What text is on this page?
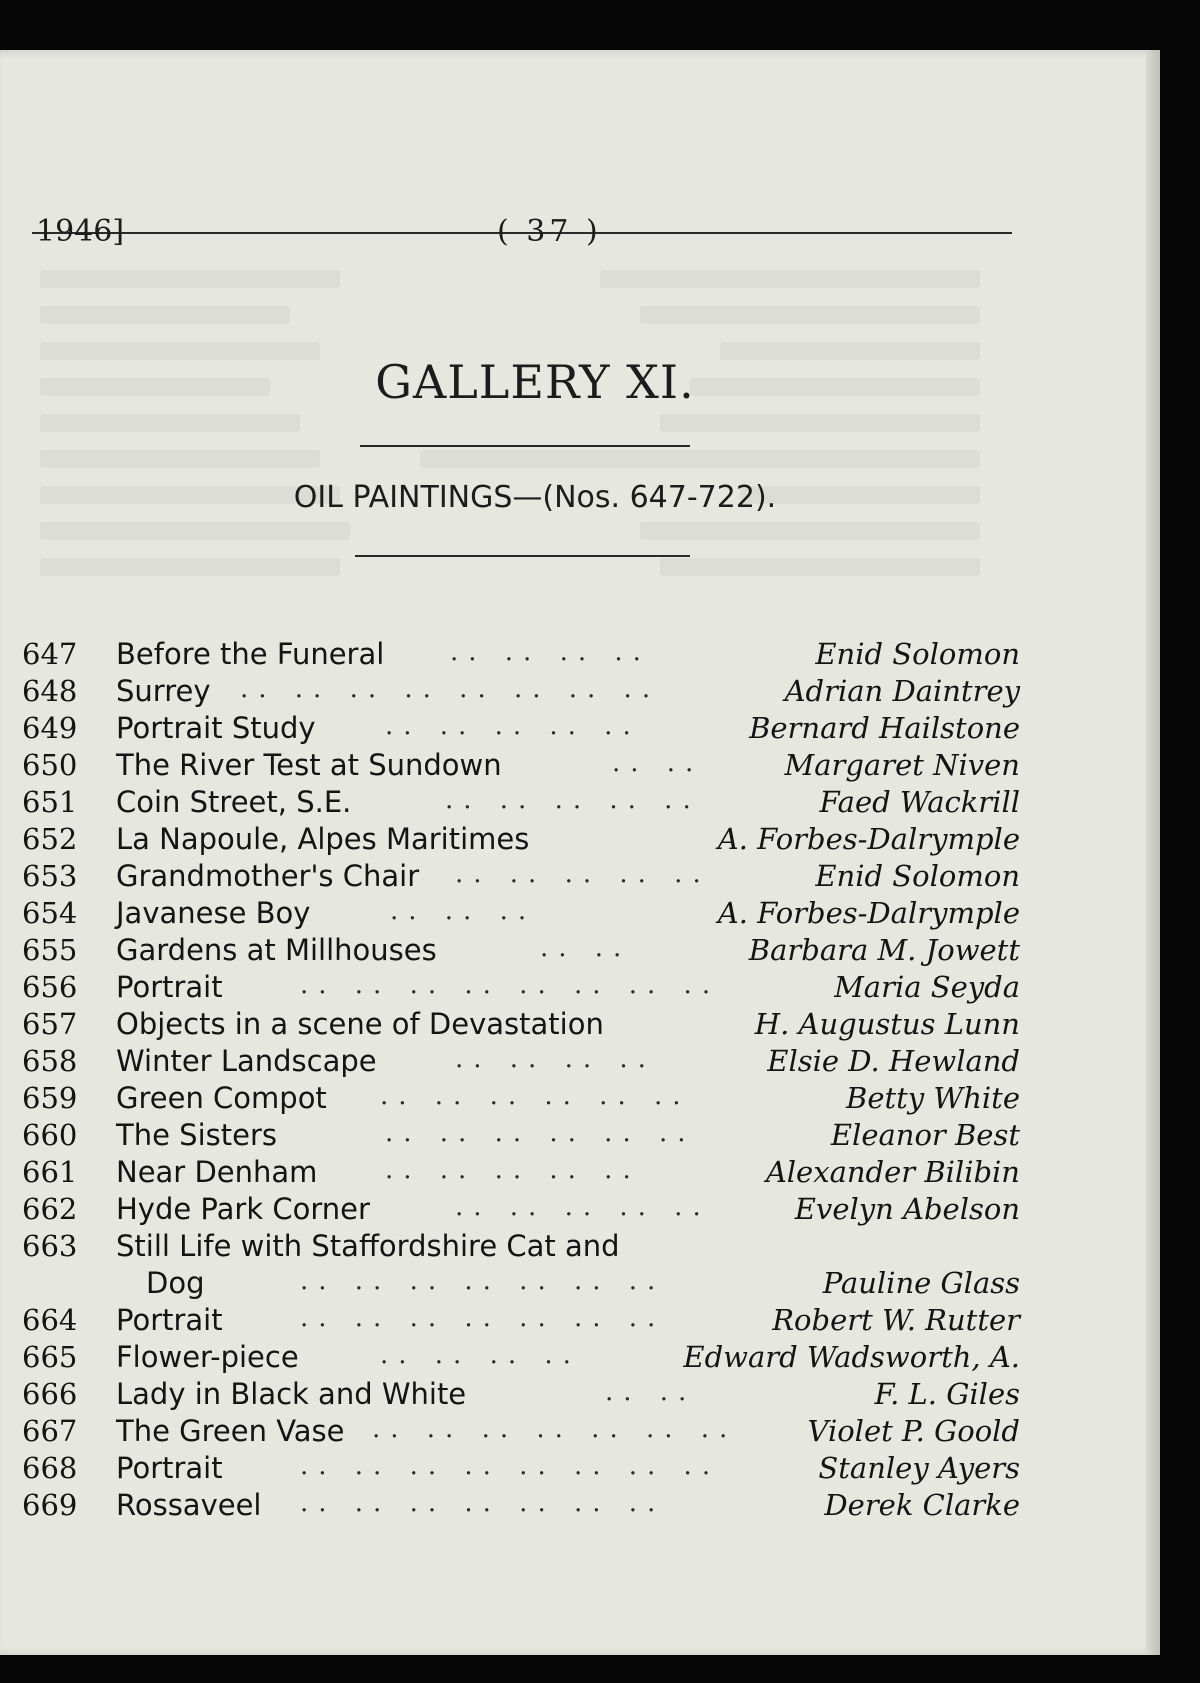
1946]	( 37 )
GALLERY XI.
OIL PAINTINGS—(Nos. 647-722).
647	Before the Funeral	.. .. .. ..	Enid Solomon
648	Surrey .. .. .. .. .. .. .. ..	Adrian Daintrey
649	Portrait Study	.. .. .. .. ..	Bernard Hailstone
650	The River Test at Sundown	.. ..	Margaret Niven
651	Coin Street, S.E.	.. .. .. .. ..	Faed Wackrill
652	La Napoule, Alpes Maritimes	A. Forbes-Dalrymple
653	Grandmother's Chair .. .. .. .. ..	Enid Solomon
654	Javanese Boy	.. .. ..	A. Forbes-Dalrymple
655	Gardens at Millhouses	.. ..	Barbara M. Jowett
656	Portrait	.. .. .. .. .. .. .. ..	Maria Seyda
657	Objects in a scene of Devastation	H. Augustus Lunn
658	Winter Landscape	.. .. .. ..	Elsie D. Hewland
659	Green Compot .. .. .. .. .. ..	Betty White
660	The Sisters	.. .. .. .. .. ..	Eleanor Best
661	Near Denham	.. .. .. .. ..	Alexander Bilibin
662	Hyde Park Corner	.. .. .. .. ..	Evelyn Abelson
663	Still Life with Staffordshire Cat and
Dog	.. .. .. .. .. .. ..	Pauline Glass
664	Portrait	.. .. .. .. .. .. ..	Robert W. Rutter
665	Flower-piece	.. .. .. ..	Edward Wadsworth, A.
666	Lady in Black and White	.. ..	F. L. Giles
667	The Green Vase .. .. .. .. .. .. .. Violet P. Goold
668	Portrait	.. .. .. .. .. .. .. ..	Stanley Ayers
669	Rossaveel .. .. .. .. .. .. ..	Derek Clarke
